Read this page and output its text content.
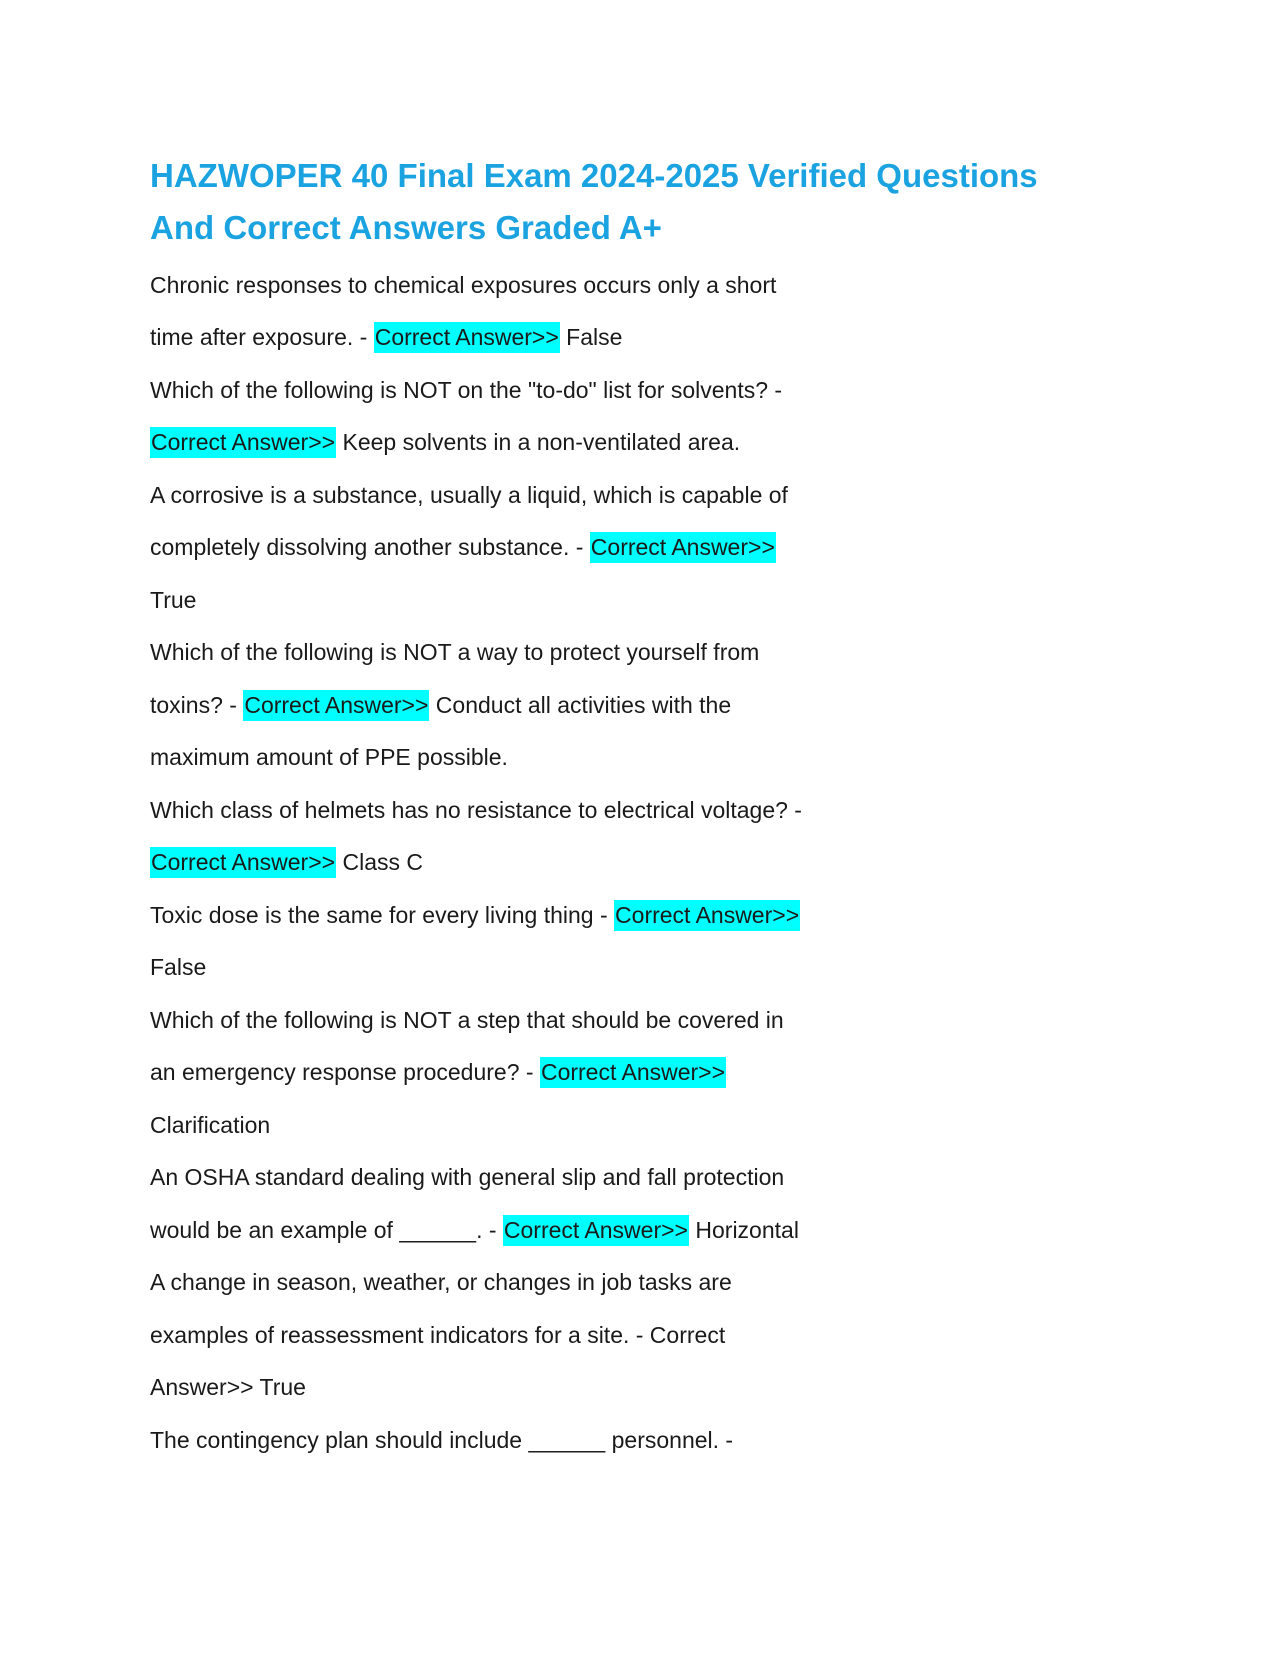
HAZWOPER 40 Final Exam 2024-2025 Verified Questions
And Correct Answers Graded A+

Chronic responses to chemical exposures occurs only a short

time after exposure. - Correct Answer>> False

Which of the following is NOT on the "to-do" list for solvents? -

Correct Answer>> Keep solvents in a non-ventilated area.

A corrosive is a substance, usually a liquid, which is capable of

completely dissolving another substance. - Correct Answer>>

True

Which of the following is NOT a way to protect yourself from

toxins? - Correct Answer>> Conduct all activities with the

maximum amount of PPE possible.

Which class of helmets has no resistance to electrical voltage? -

Correct Answer>> Class C

Toxic dose is the same for every living thing - Correct Answer>>

False

Which of the following is NOT a step that should be covered in

an emergency response procedure? - Correct Answer>>

Clarification

An OSHA standard dealing with general slip and fall protection

would be an example of ______. - Correct Answer>> Horizontal

A change in season, weather, or changes in job tasks are

examples of reassessment indicators for a site. - Correct

Answer>> True

The contingency plan should include ______ personnel. -
